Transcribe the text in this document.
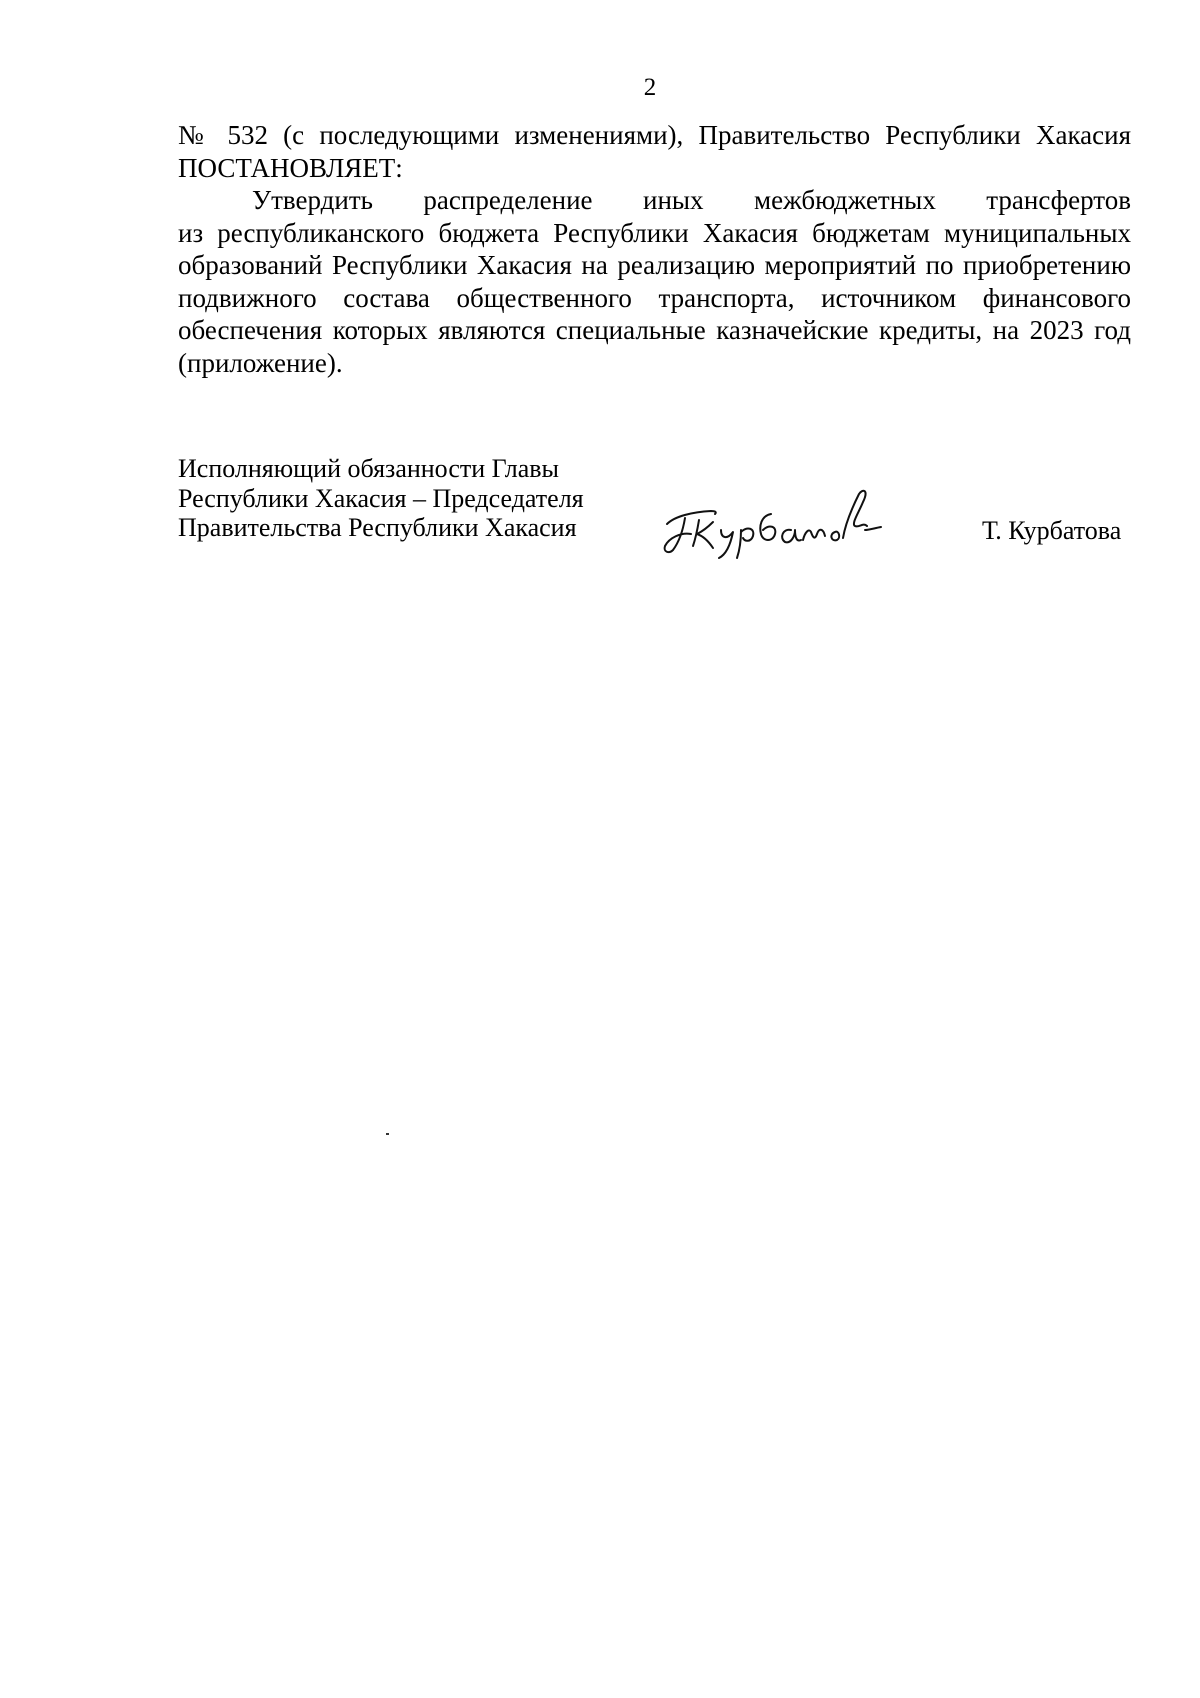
2
№ 532 (с последующими изменениями), Правительство Республики Хакасия
ПОСТАНОВЛЯЕТ:
Утвердить распределение иных межбюджетных трансфертов
из республиканского бюджета Республики Хакасия бюджетам муниципальных
образований Республики Хакасия на реализацию мероприятий по приобретению
подвижного состава общественного транспорта, источником финансового
обеспечения которых являются специальные казначейские кредиты, на 2023 год
(приложение).
Исполняющий обязанности Главы
Республики Хакасия – Председателя
Правительства Республики Хакасия	Т. Курбатова
